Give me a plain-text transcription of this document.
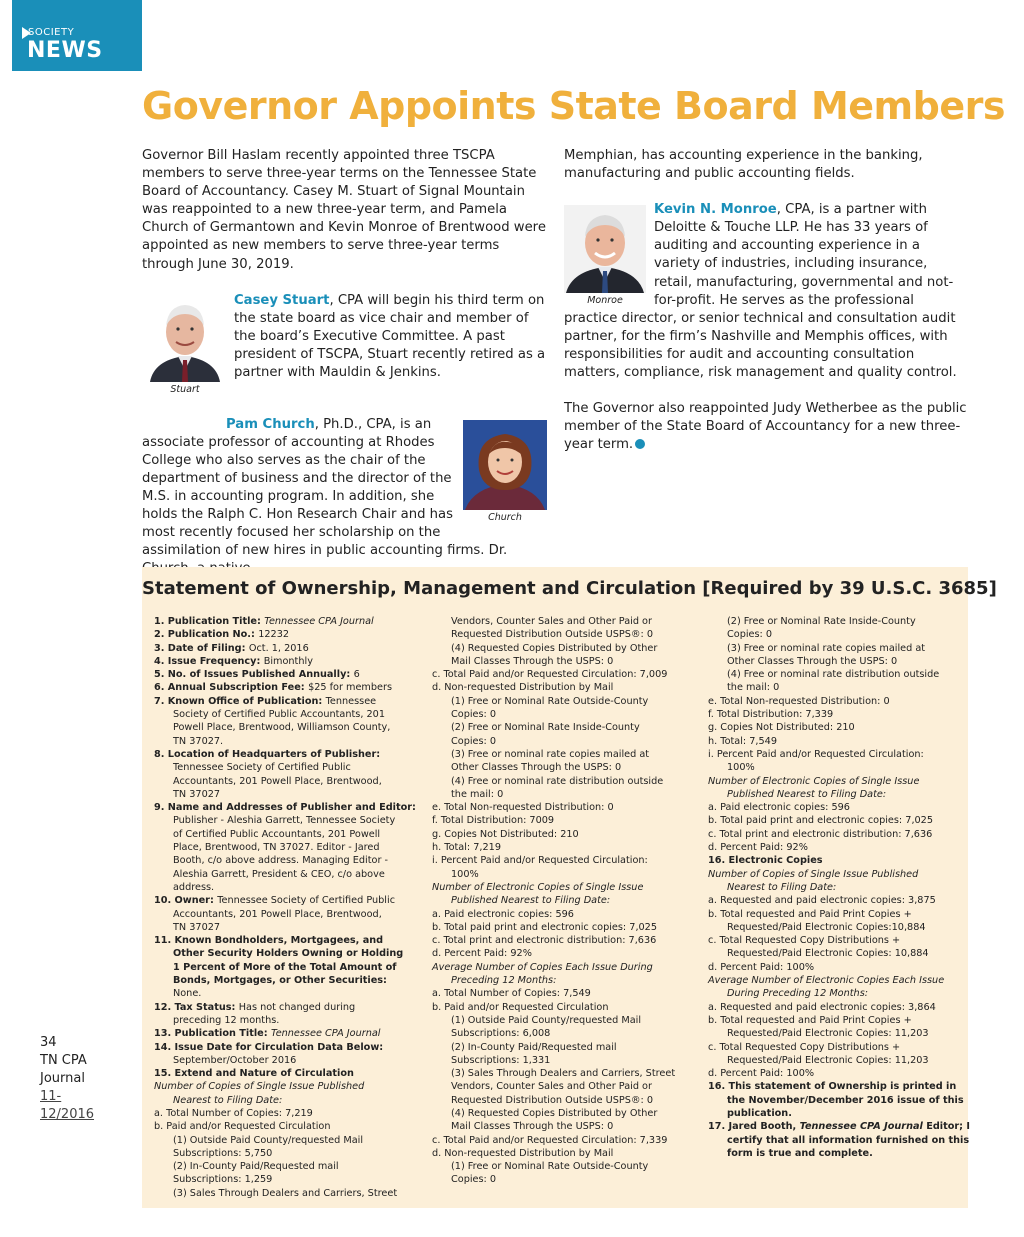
SOCIETY
NEWS
Governor Appoints State Board Members

Governor Bill Haslam recently appointed three TSCPA members to serve three-year terms on the Tennessee State Board of Accountancy. Casey M. Stuart of Signal Mountain was reappointed to a new three-year term, and Pamela Church of Germantown and Kevin Monroe of Brentwood were appointed as new members to serve three-year terms through June 30, 2019.

Stuart
Casey Stuart, CPA will begin his third term on the state board as vice chair and member of the board’s Executive Committee. A past president of TSCPA, Stuart recently retired as a partner with Mauldin & Jenkins.
Church
Pam Church, Ph.D., CPA, is an associate professor of accounting at Rhodes College who also serves as the chair of the department of business and the director of the M.S. in accounting program. In addition, she holds the Ralph C. Hon Research Chair and has most recently focused her scholarship on the assimilation of new hires in public accounting firms. Dr.

Memphian, has accounting experience in the banking, manufacturing and public accounting fields.

Monroe
Kevin N. Monroe, CPA, is a partner with Deloitte & Touche LLP. He has 33 years of auditing and accounting experience in a variety of industries, including insurance, retail, manufacturing, governmental and not-for-profit. He serves as the professional practice director, or senior technical and consultation audit partner, for the firm’s Nashville and Memphis offices, with responsibilities for audit and accounting consultation matters, compliance, risk management and quality control.

The Governor also reappointed Judy Wetherbee as the public member of the State Board of Accountancy for a new three-year term.

Statement of Ownership, Management and Circulation [Required by 39 U.S.C. 3685]
1. Publication Title: Tennessee CPA Journal
2. Publication No.: 12232
3. Date of Filing: Oct. 1, 2016
4. Issue Frequency: Bimonthly
5. No. of Issues Published Annually: 6
6. Annual Subscription Fee: $25 for members
7. Known Office of Publication: Tennessee
Society of Certified Public Accountants, 201
Powell Place, Brentwood, Williamson County,
TN 37027.
8. Location of Headquarters of Publisher:
Tennessee Society of Certified Public
Accountants, 201 Powell Place, Brentwood,
TN 37027
9. Name and Addresses of Publisher and Editor:
Publisher - Aleshia Garrett, Tennessee Society
of Certified Public Accountants, 201 Powell
Place, Brentwood, TN 37027. Editor - Jared
Booth, c/o above address. Managing Editor -
Aleshia Garrett, President & CEO, c/o above
address.
10. Owner: Tennessee Society of Certified Public
Accountants, 201 Powell Place, Brentwood,
TN 37027
11. Known Bondholders, Mortgagees, and
Other Security Holders Owning or Holding
1 Percent of More of the Total Amount of
Bonds, Mortgages, or Other Securities:
None.
12. Tax Status: Has not changed during
preceding 12 months.
13. Publication Title: Tennessee CPA Journal
14. Issue Date for Circulation Data Below:
September/October 2016
15. Extend and Nature of Circulation
Number of Copies of Single Issue Published
Nearest to Filing Date:
a. Total Number of Copies: 7,219
b. Paid and/or Requested Circulation
(1) Outside Paid County/requested Mail
Subscriptions: 5,750
(2) In-County Paid/Requested mail
Subscriptions: 1,259
(3) Sales Through Dealers and Carriers, Street
Vendors, Counter Sales and Other Paid or
Requested Distribution Outside USPS®: 0
(4) Requested Copies Distributed by Other
Mail Classes Through the USPS: 0
c. Total Paid and/or Requested Circulation: 7,009
d. Non-requested Distribution by Mail
(1) Free or Nominal Rate Outside-County
Copies: 0
(2) Free or Nominal Rate Inside-County
Copies: 0
(3) Free or nominal rate copies mailed at
Other Classes Through the USPS: 0
(4) Free or nominal rate distribution outside
the mail: 0
e. Total Non-requested Distribution: 0
f. Total Distribution: 7009
g. Copies Not Distributed: 210
h. Total: 7,219
i. Percent Paid and/or Requested Circulation:
100%
Number of Electronic Copies of Single Issue
Published Nearest to Filing Date:
a. Paid electronic copies: 596
b. Total paid print and electronic copies: 7,025
c. Total print and electronic distribution: 7,636
d. Percent Paid: 92%
Average Number of Copies Each Issue During
Preceding 12 Months:
a. Total Number of Copies: 7,549
b. Paid and/or Requested Circulation
(1) Outside Paid County/requested Mail
Subscriptions: 6,008
(2) In-County Paid/Requested mail
Subscriptions: 1,331
(3) Sales Through Dealers and Carriers, Street
Vendors, Counter Sales and Other Paid or
Requested Distribution Outside USPS®: 0
(4) Requested Copies Distributed by Other
Mail Classes Through the USPS: 0
c. Total Paid and/or Requested Circulation: 7,339
d. Non-requested Distribution by Mail
(1) Free or Nominal Rate Outside-County
Copies: 0
(2) Free or Nominal Rate Inside-County
Copies: 0
(3) Free or nominal rate copies mailed at
Other Classes Through the USPS: 0
(4) Free or nominal rate distribution outside
the mail: 0
e. Total Non-requested Distribution: 0
f. Total Distribution: 7,339
g. Copies Not Distributed: 210
h. Total: 7,549
i. Percent Paid and/or Requested Circulation:
100%
Number of Electronic Copies of Single Issue
Published Nearest to Filing Date:
a. Paid electronic copies: 596
b. Total paid print and electronic copies: 7,025
c. Total print and electronic distribution: 7,636
d. Percent Paid: 92%
16. Electronic Copies
Number of Copies of Single Issue Published
Nearest to Filing Date:
a. Requested and paid electronic copies: 3,875
b. Total requested and Paid Print Copies +
Requested/Paid Electronic Copies:10,884
c. Total Requested Copy Distributions +
Requested/Paid Electronic Copies: 10,884
d. Percent Paid: 100%
Average Number of Electronic Copies Each Issue
During Preceding 12 Months:
a. Requested and paid electronic copies: 3,864
b. Total requested and Paid Print Copies +
Requested/Paid Electronic Copies: 11,203
c. Total Requested Copy Distributions +
Requested/Paid Electronic Copies: 11,203
d. Percent Paid: 100%
16. This statement of Ownership is printed in
the November/December 2016 issue of this
publication.
17. Jared Booth, Tennessee CPA Journal Editor; I
certify that all information furnished on this
form is true and complete.
34
TN CPA
Journal
11-12/2016
